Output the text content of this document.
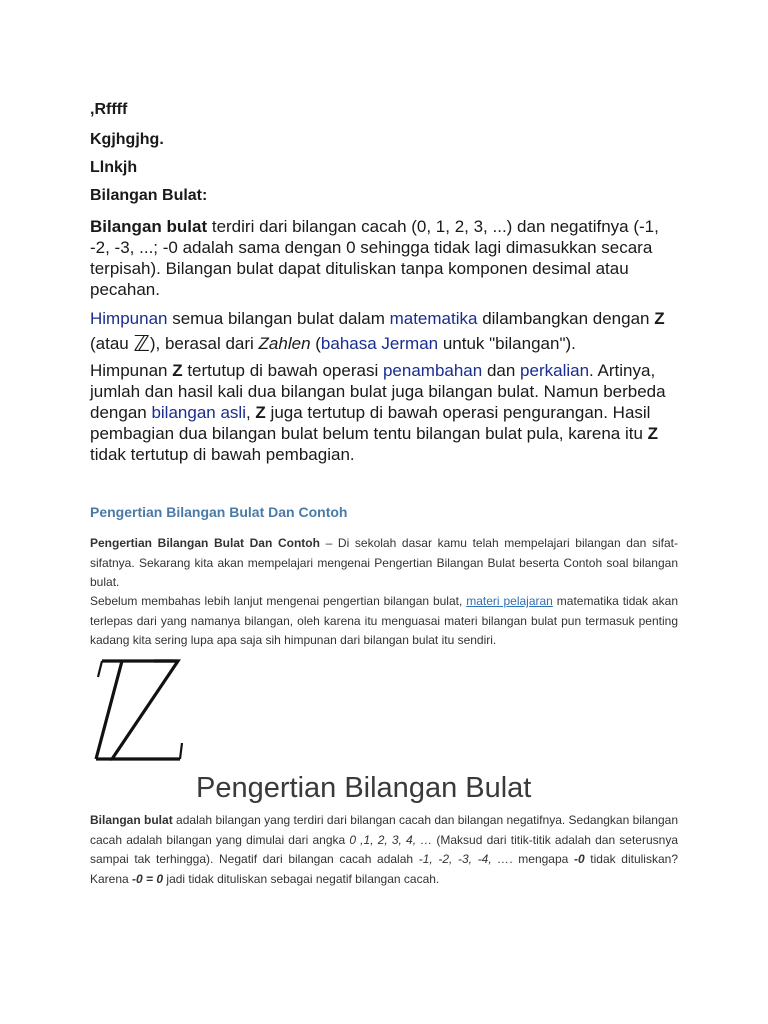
,Rffff
Kgjhgjhg.
Llnkjh
Bilangan Bulat:
Bilangan bulat terdiri dari bilangan cacah (0, 1, 2, 3, ...) dan negatifnya (-1, -2, -3, ...; -0 adalah sama dengan 0 sehingga tidak lagi dimasukkan secara terpisah). Bilangan bulat dapat dituliskan tanpa komponen desimal atau pecahan.
Himpunan semua bilangan bulat dalam matematika dilambangkan dengan Z (atau ℤ), berasal dari Zahlen (bahasa Jerman untuk "bilangan").
Himpunan Z tertutup di bawah operasi penambahan dan perkalian. Artinya, jumlah dan hasil kali dua bilangan bulat juga bilangan bulat. Namun berbeda dengan bilangan asli, Z juga tertutup di bawah operasi pengurangan. Hasil pembagian dua bilangan bulat belum tentu bilangan bulat pula, karena itu Z tidak tertutup di bawah pembagian.
Pengertian Bilangan Bulat Dan Contoh
Pengertian Bilangan Bulat Dan Contoh – Di sekolah dasar kamu telah mempelajari bilangan dan sifat-sifatnya. Sekarang kita akan mempelajari mengenai Pengertian Bilangan Bulat beserta Contoh soal bilangan bulat.
Sebelum membahas lebih lanjut mengenai pengertian bilangan bulat, materi pelajaran matematika tidak akan terlepas dari yang namanya bilangan, oleh karena itu menguasai materi bilangan bulat pun termasuk penting kadang kita sering lupa apa saja sih himpunan dari bilangan bulat itu sendiri.
Bilangan bulat adalah bilangan yang terdiri dari bilangan cacah dan bilangan negatifnya. Sedangkan bilangan cacah adalah bilangan yang dimulai dari angka 0 ,1, 2, 3, 4, … (Maksud dari titik-titik adalah dan seterusnya sampai tak terhingga). Negatif dari bilangan cacah adalah -1, -2, -3, -4, …. mengapa -0 tidak dituliskan? Karena -0 = 0 jadi tidak dituliskan sebagai negatif bilangan cacah.
Pengertian Bilangan Bulat
